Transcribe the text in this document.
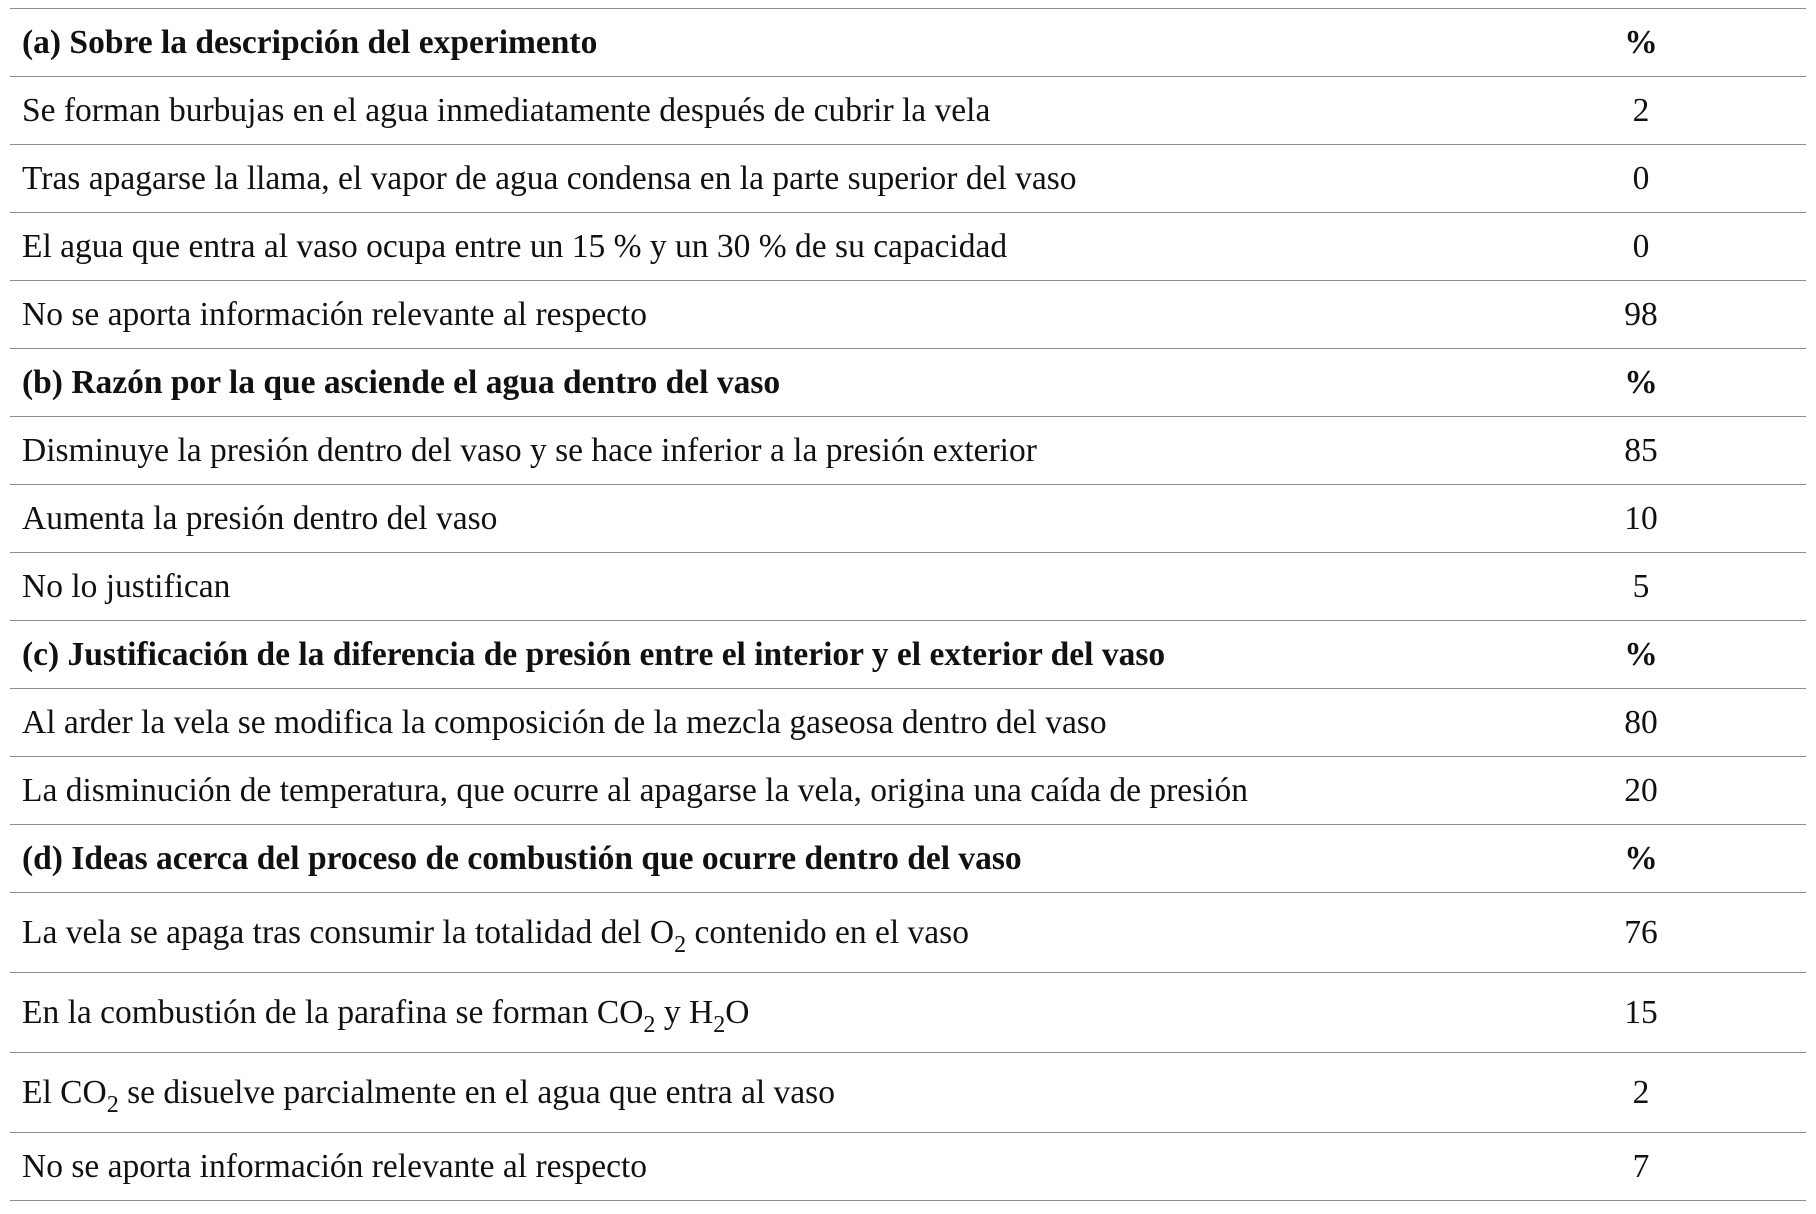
(a) Sobre la descripción del experimento	%
Se forman burbujas en el agua inmediatamente después de cubrir la vela	2
Tras apagarse la llama, el vapor de agua condensa en la parte superior del vaso	0
El agua que entra al vaso ocupa entre un 15 % y un 30 % de su capacidad	0
No se aporta información relevante al respecto	98
(b) Razón por la que asciende el agua dentro del vaso	%
Disminuye la presión dentro del vaso y se hace inferior a la presión exterior	85
Aumenta la presión dentro del vaso	10
No lo justifican	5
(c) Justificación de la diferencia de presión entre el interior y el exterior del vaso	%
Al arder la vela se modifica la composición de la mezcla gaseosa dentro del vaso	80
La disminución de temperatura, que ocurre al apagarse la vela, origina una caída de presión	20
(d) Ideas acerca del proceso de combustión que ocurre dentro del vaso	%
La vela se apaga tras consumir la totalidad del $O_2$ contenido en el vaso	76
En la combustión de la parafina se forman $CO_2$ y $H_2O$	15
El $CO_2$ se disuelve parcialmente en el agua que entra al vaso	2
No se aporta información relevante al respecto	7
